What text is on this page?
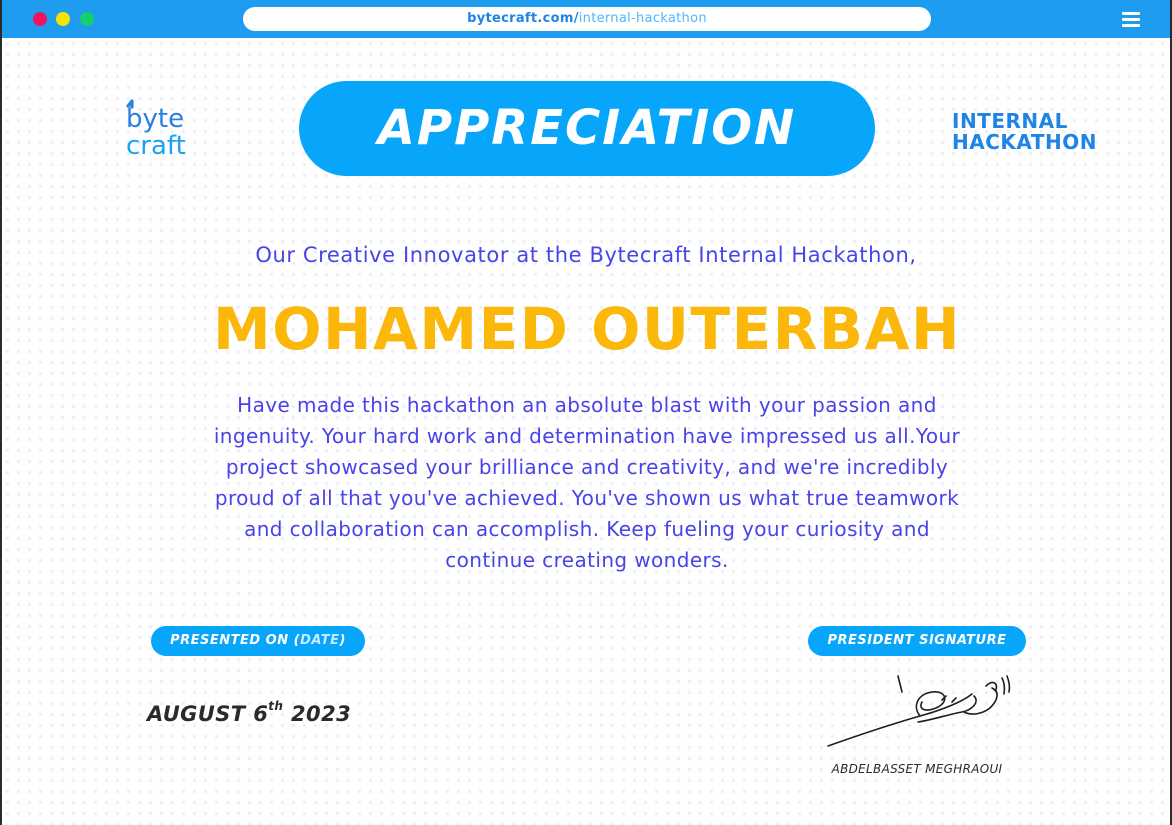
bytecraft.com/internal-hackathon
byte
craft	APPRECIATION	INTERNAL
HACKATHON
Our Creative Innovator at the Bytecraft Internal Hackathon,
MOHAMED OUTERBAH
Have made this hackathon an absolute blast with your passion and
ingenuity. Your hard work and determination have impressed us all.Your
project showcased your brilliance and creativity, and we're incredibly
proud of all that you've achieved. You've shown us what true teamwork
and collaboration can accomplish. Keep fueling your curiosity and
continue creating wonders.
PRESENTED ON (DATE)	PRESIDENT SIGNATURE
AUGUST 6th 2023
ABDELBASSET MEGHRAOUI
